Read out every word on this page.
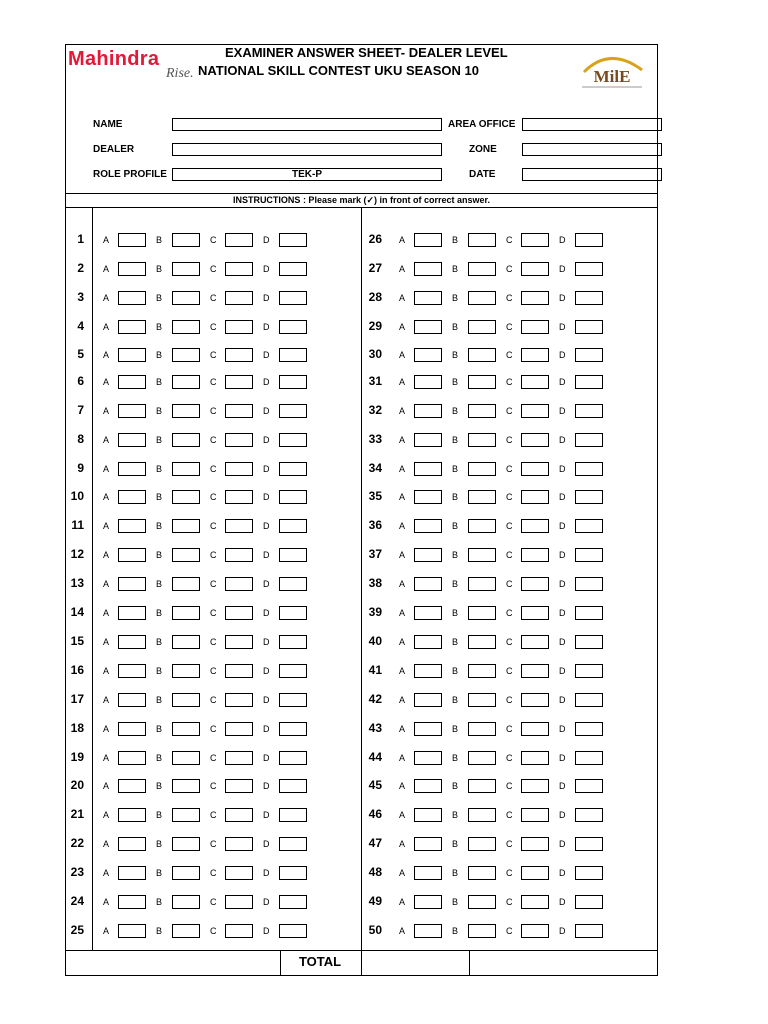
Mahindra
Rise.
EXAMINER ANSWER SHEET- DEALER LEVEL
NATIONAL SKILL CONTEST UKU SEASON 10	MilE
NAME	AREA OFFICE
DEALER	ZONE
ROLE PROFILE	TEK-P	DATE
INSTRUCTIONS : Please mark (✓) in front of correct answer.
1 A	B	C	D
2 A	B	C	D
3 A	B	C	D
4 A	B	C	D
5 A	B	C	D
6 A	B	C	D
7 A	B	C	D
8 A	B	C	D
9 A	B	C	D
10 A	B	C	D
11 A	B	C	D
12 A	B	C	D
13 A	B	C	D
14 A	B	C	D
15 A	B	C	D
16 A	B	C	D
17 A	B	C	D
18 A	B	C	D
19 A	B	C	D
20 A	B	C	D
21 A	B	C	D
22 A	B	C	D
23 A	B	C	D
24 A	B	C	D
25 A	B	C	D
26 A	B	C	D
27 A	B	C	D
28 A	B	C	D
29 A	B	C	D
30 A	B	C	D
31 A	B	C	D
32 A	B	C	D
33 A	B	C	D
34 A	B	C	D
35 A	B	C	D
36 A	B	C	D
37 A	B	C	D
38 A	B	C	D
39 A	B	C	D
40 A	B	C	D
41 A	B	C	D
42 A	B	C	D
43 A	B	C	D
44 A	B	C	D
45 A	B	C	D
46 A	B	C	D
47 A	B	C	D
48 A	B	C	D
49 A	B	C	D
50 A	B	C	D
TOTAL
